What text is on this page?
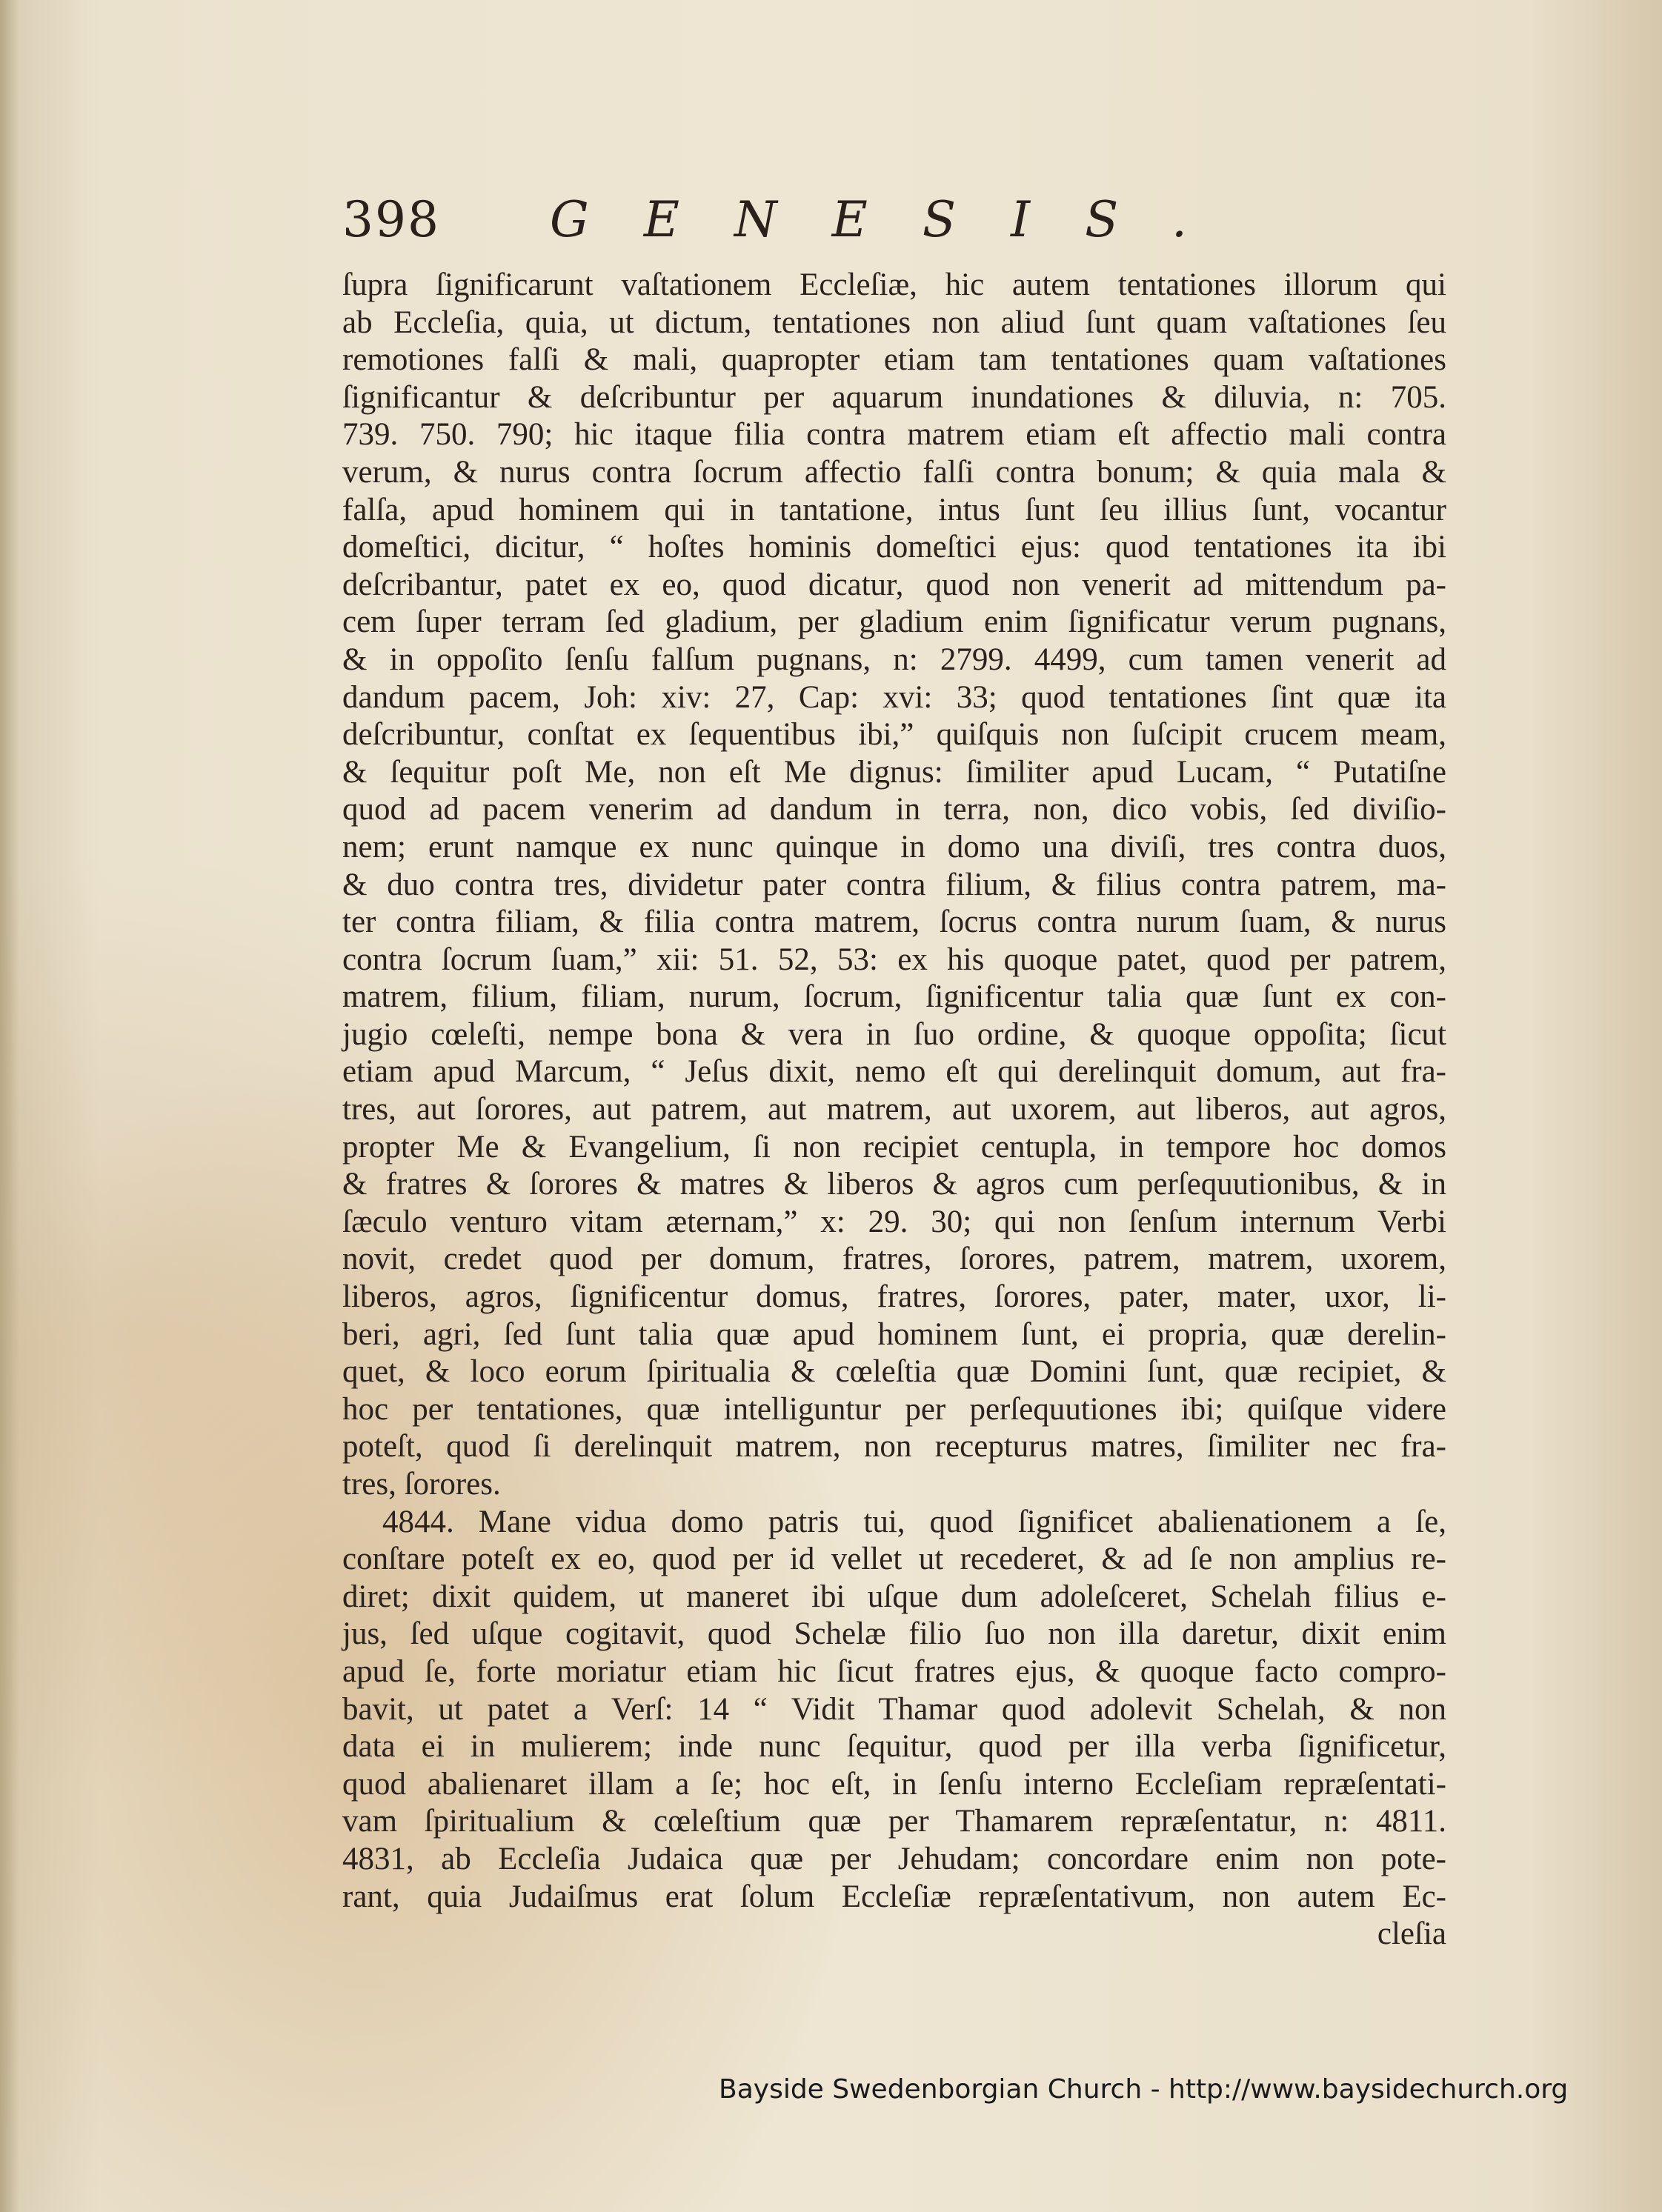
398 GENESIS.
ſupra ſignificarunt vaſtationem Eccleſiæ, hic autem tentationes illorum qui
ab Eccleſia, quia, ut dictum, tentationes non aliud ſunt quam vaſtationes ſeu
remotiones falſi & mali, quapropter etiam tam tentationes quam vaſtationes
ſignificantur & deſcribuntur per aquarum inundationes & diluvia, n: 705.
739. 750. 790; hic itaque filia contra matrem etiam eſt affectio mali contra
verum, & nurus contra ſocrum affectio falſi contra bonum; & quia mala &
falſa, apud hominem qui in tantatione, intus ſunt ſeu illius ſunt, vocantur
domeſtici, dicitur, “ hoſtes hominis domeſtici ejus: quod tentationes ita ibi
deſcribantur, patet ex eo, quod dicatur, quod non venerit ad mittendum pa-
cem ſuper terram ſed gladium, per gladium enim ſignificatur verum pugnans,
& in oppoſito ſenſu falſum pugnans, n: 2799. 4499, cum tamen venerit ad
dandum pacem, Joh: xiv: 27, Cap: xvi: 33; quod tentationes ſint quæ ita
deſcribuntur, conſtat ex ſequentibus ibi,” quiſquis non ſuſcipit crucem meam,
& ſequitur poſt Me, non eſt Me dignus: ſimiliter apud Lucam, “ Putatiſne
quod ad pacem venerim ad dandum in terra, non, dico vobis, ſed diviſio-
nem; erunt namque ex nunc quinque in domo una diviſi, tres contra duos,
& duo contra tres, dividetur pater contra filium, & filius contra patrem, ma-
ter contra filiam, & filia contra matrem, ſocrus contra nurum ſuam, & nurus
contra ſocrum ſuam,” xii: 51. 52, 53: ex his quoque patet, quod per patrem,
matrem, filium, filiam, nurum, ſocrum, ſignificentur talia quæ ſunt ex con-
jugio cœleſti, nempe bona & vera in ſuo ordine, & quoque oppoſita; ſicut
etiam apud Marcum, “ Jeſus dixit, nemo eſt qui derelinquit domum, aut fra-
tres, aut ſorores, aut patrem, aut matrem, aut uxorem, aut liberos, aut agros,
propter Me & Evangelium, ſi non recipiet centupla, in tempore hoc domos
& fratres & ſorores & matres & liberos & agros cum perſequutionibus, & in
ſæculo venturo vitam æternam,” x: 29. 30; qui non ſenſum internum Verbi
novit, credet quod per domum, fratres, ſorores, patrem, matrem, uxorem,
liberos, agros, ſignificentur domus, fratres, ſorores, pater, mater, uxor, li-
beri, agri, ſed ſunt talia quæ apud hominem ſunt, ei propria, quæ derelin-
quet, & loco eorum ſpiritualia & cœleſtia quæ Domini ſunt, quæ recipiet, &
hoc per tentationes, quæ intelliguntur per perſequutiones ibi; quiſque videre
poteſt, quod ſi derelinquit matrem, non recepturus matres, ſimiliter nec fra-
tres, ſorores.
4844. Mane vidua domo patris tui, quod ſignificet abalienationem a ſe,
conſtare poteſt ex eo, quod per id vellet ut recederet, & ad ſe non amplius re-
diret; dixit quidem, ut maneret ibi uſque dum adoleſceret, Schelah filius e-
jus, ſed uſque cogitavit, quod Schelæ filio ſuo non illa daretur, dixit enim
apud ſe, forte moriatur etiam hic ſicut fratres ejus, & quoque facto compro-
bavit, ut patet a Verſ: 14 “ Vidit Thamar quod adolevit Schelah, & non
data ei in mulierem; inde nunc ſequitur, quod per illa verba ſignificetur,
quod abalienaret illam a ſe; hoc eſt, in ſenſu interno Eccleſiam repræſentati-
vam ſpiritualium & cœleſtium quæ per Thamarem repræſentatur, n: 4811.
4831, ab Eccleſia Judaica quæ per Jehudam; concordare enim non pote-
rant, quia Judaiſmus erat ſolum Eccleſiæ repræſentativum, non autem Ec-
cleſia
Bayside Swedenborgian Church - http://www.baysidechurch.org
